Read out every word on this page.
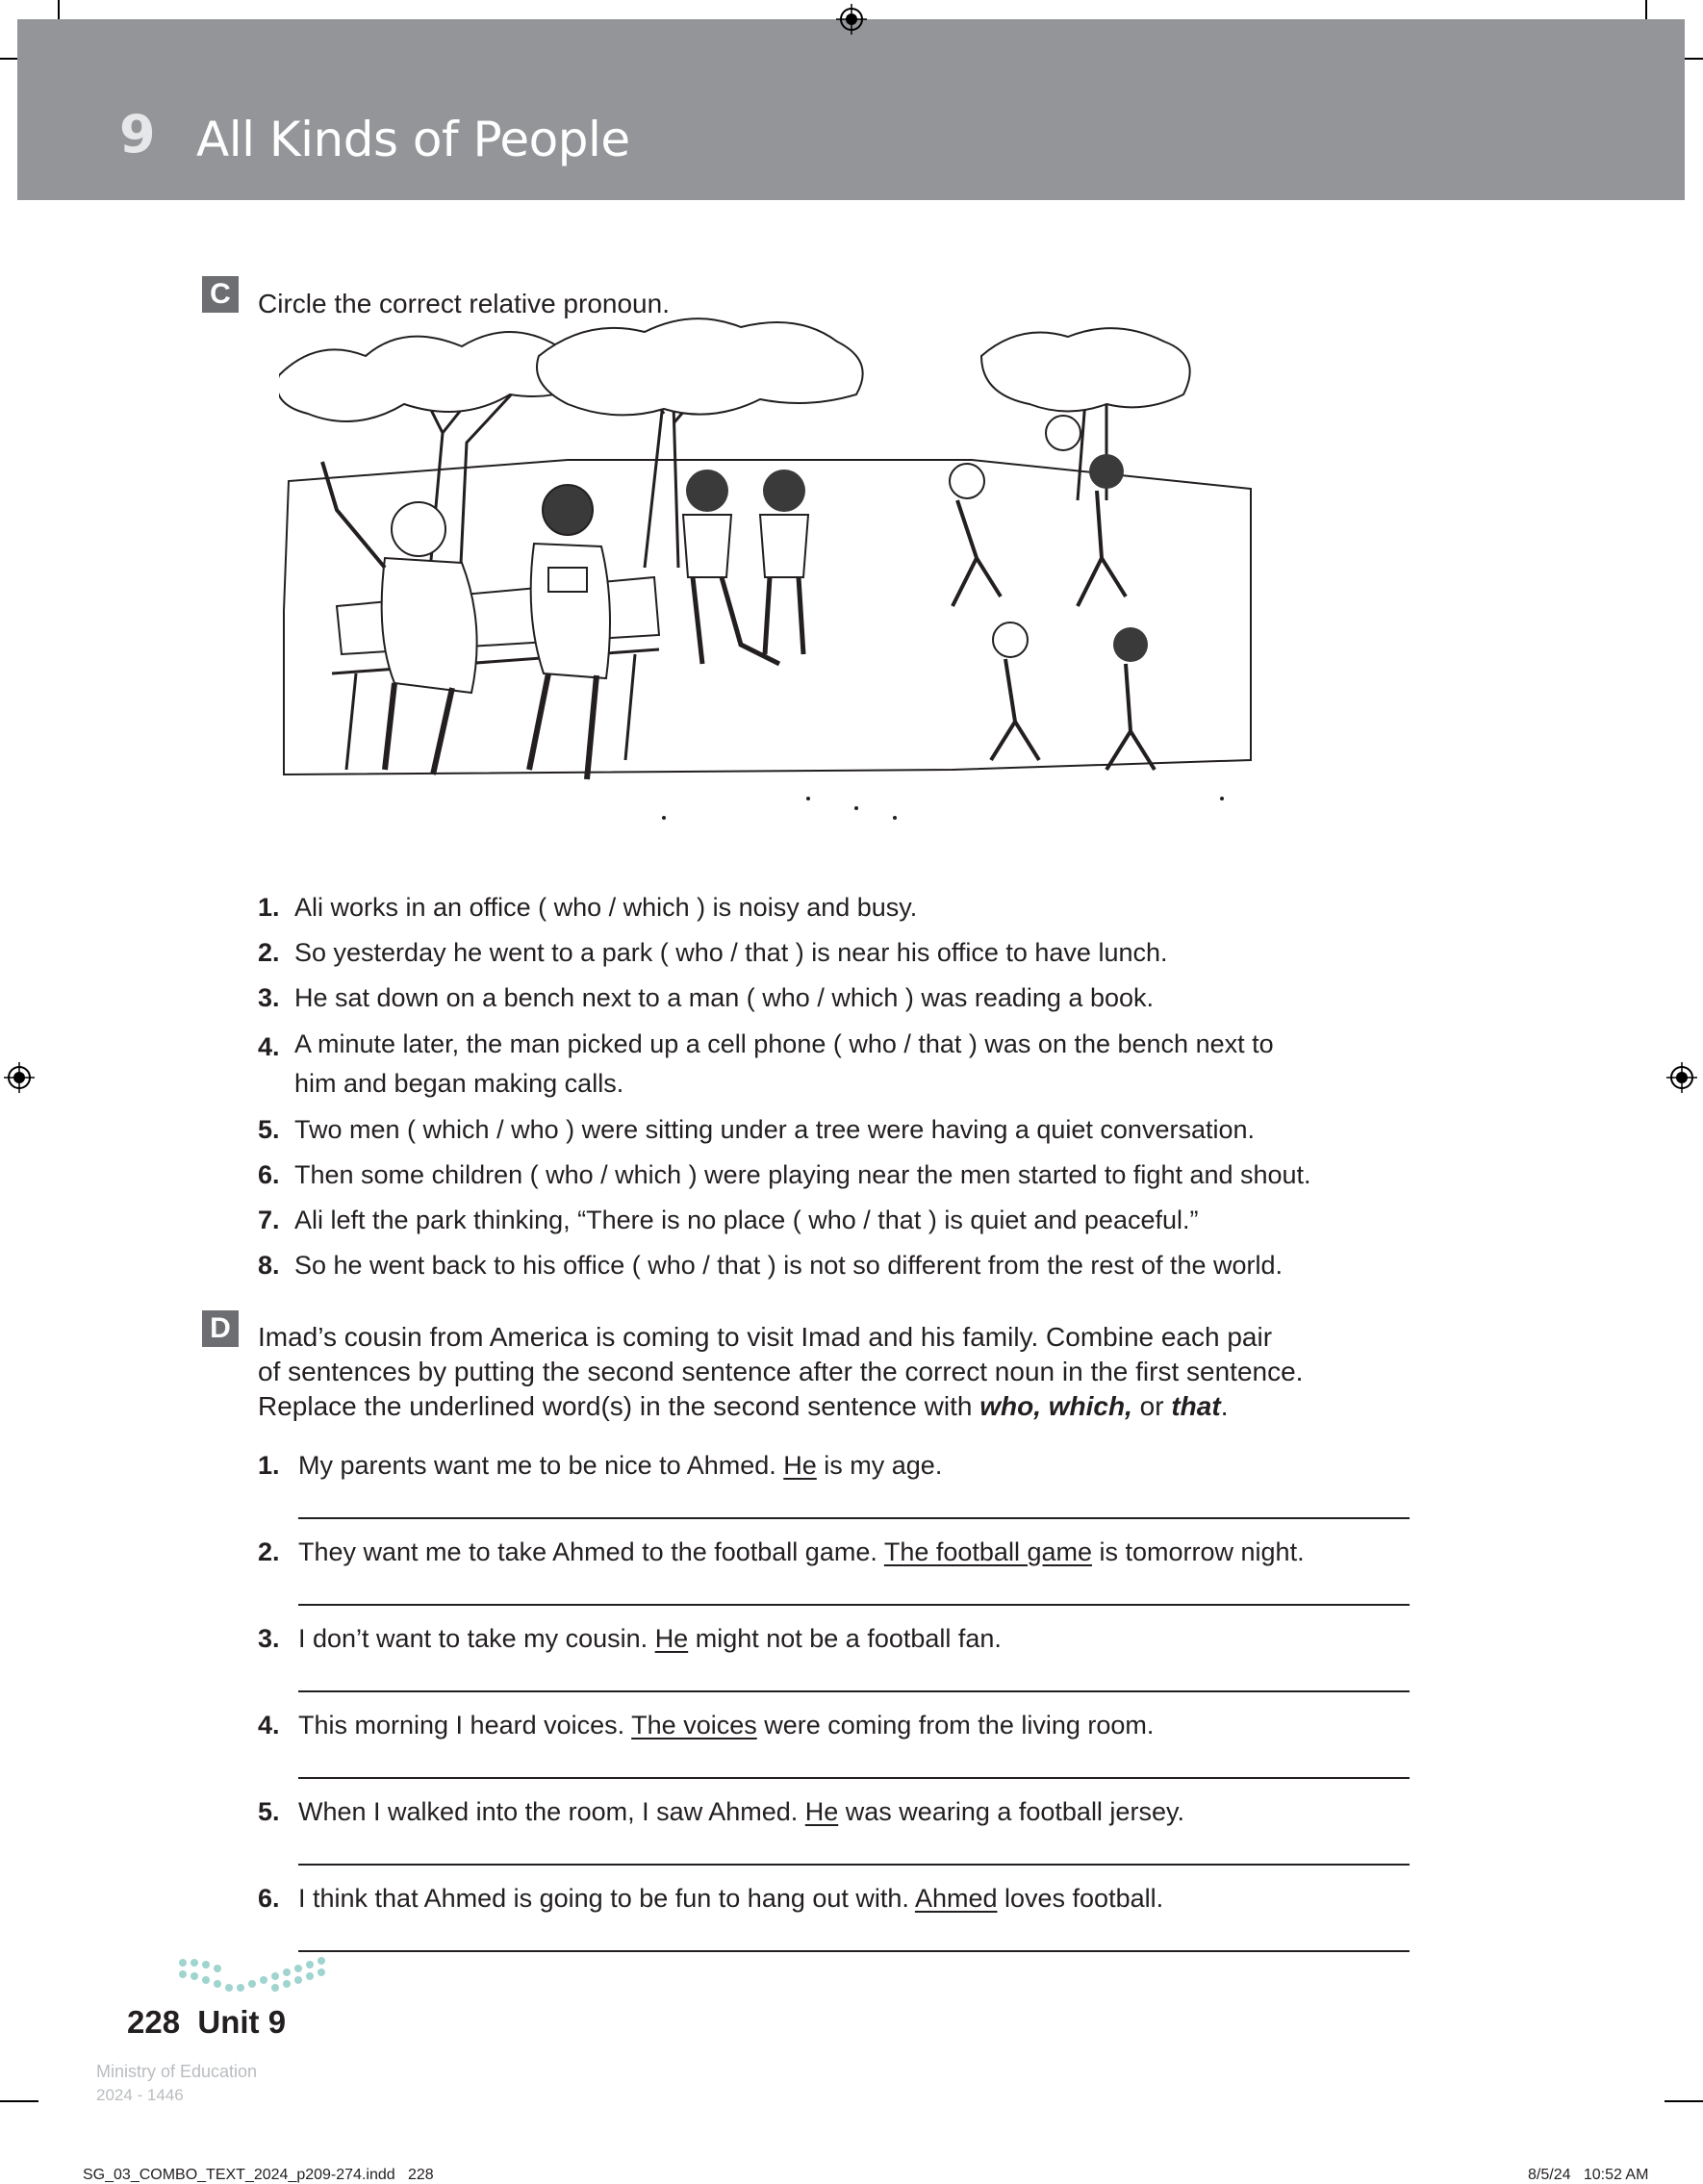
9 All Kinds of People
C Circle the correct relative pronoun.
1. Ali works in an office ( who / which ) is noisy and busy.
2. So yesterday he went to a park ( who / that ) is near his office to have lunch.
3. He sat down on a bench next to a man ( who / which ) was reading a book.
4. A minute later, the man picked up a cell phone ( who / that ) was on the bench next to him and began making calls.
5. Two men ( which / who ) were sitting under a tree were having a quiet conversation.
6. Then some children ( who / which ) were playing near the men started to fight and shout.
7. Ali left the park thinking, “There is no place ( who / that ) is quiet and peaceful.”
8. So he went back to his office ( who / that ) is not so different from the rest of the world.
D Imad’s cousin from America is coming to visit Imad and his family. Combine each pair
of sentences by putting the second sentence after the correct noun in the first sentence.
Replace the underlined word(s) in the second sentence with who, which, or that.
1. My parents want me to be nice to Ahmed. He is my age.
2. They want me to take Ahmed to the football game. The football game is tomorrow night.
3. I don’t want to take my cousin. He might not be a football fan.
4. This morning I heard voices. The voices were coming from the living room.
5. When I walked into the room, I saw Ahmed. He was wearing a football jersey.
6. I think that Ahmed is going to be fun to hang out with. Ahmed loves football.
Ministry of Education
2024 - 1446
228  Unit 9
SG_03_COMBO_TEXT_2024_p209-274.indd   228	8/5/24   10:52 AM
